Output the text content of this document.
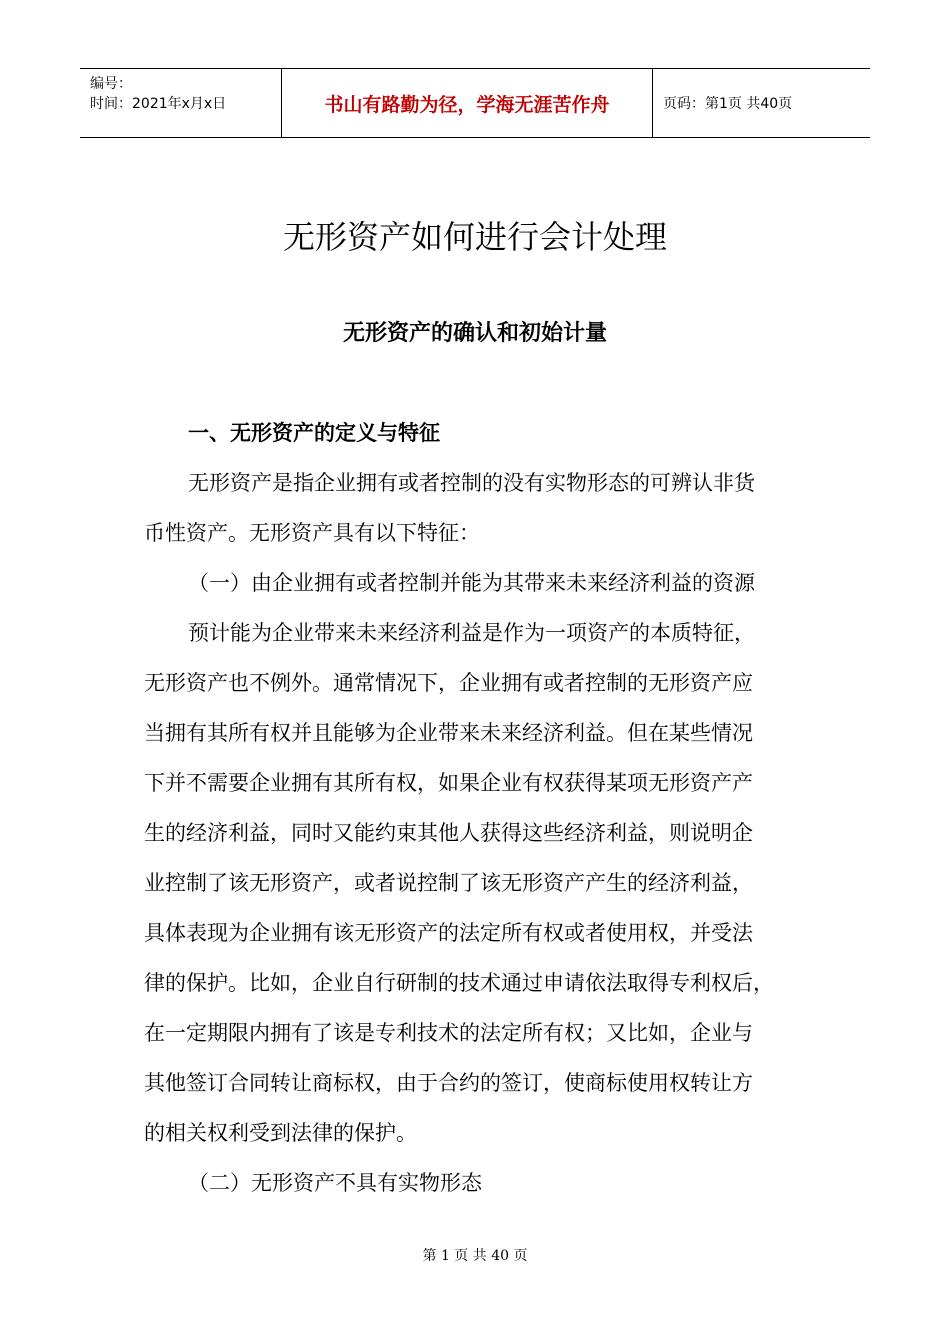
编号：
时间：2021年x月x日	书山有路勤为径，学海无涯苦作舟	页码：第1页 共40页
无形资产如何进行会计处理
无形资产的确认和初始计量
一、无形资产的定义与特征
无形资产是指企业拥有或者控制的没有实物形态的可辨认非货
币性资产。无形资产具有以下特征：
（一）由企业拥有或者控制并能为其带来未来经济利益的资源
预计能为企业带来未来经济利益是作为一项资产的本质特征，
无形资产也不例外。通常情况下，企业拥有或者控制的无形资产应
当拥有其所有权并且能够为企业带来未来经济利益。但在某些情况
下并不需要企业拥有其所有权，如果企业有权获得某项无形资产产
生的经济利益，同时又能约束其他人获得这些经济利益，则说明企
业控制了该无形资产，或者说控制了该无形资产产生的经济利益，
具体表现为企业拥有该无形资产的法定所有权或者使用权，并受法
律的保护。比如，企业自行研制的技术通过申请依法取得专利权后，
在一定期限内拥有了该是专利技术的法定所有权；又比如，企业与
其他签订合同转让商标权，由于合约的签订，使商标使用权转让方
的相关权利受到法律的保护。
（二）无形资产不具有实物形态
第 1 页 共 40 页
